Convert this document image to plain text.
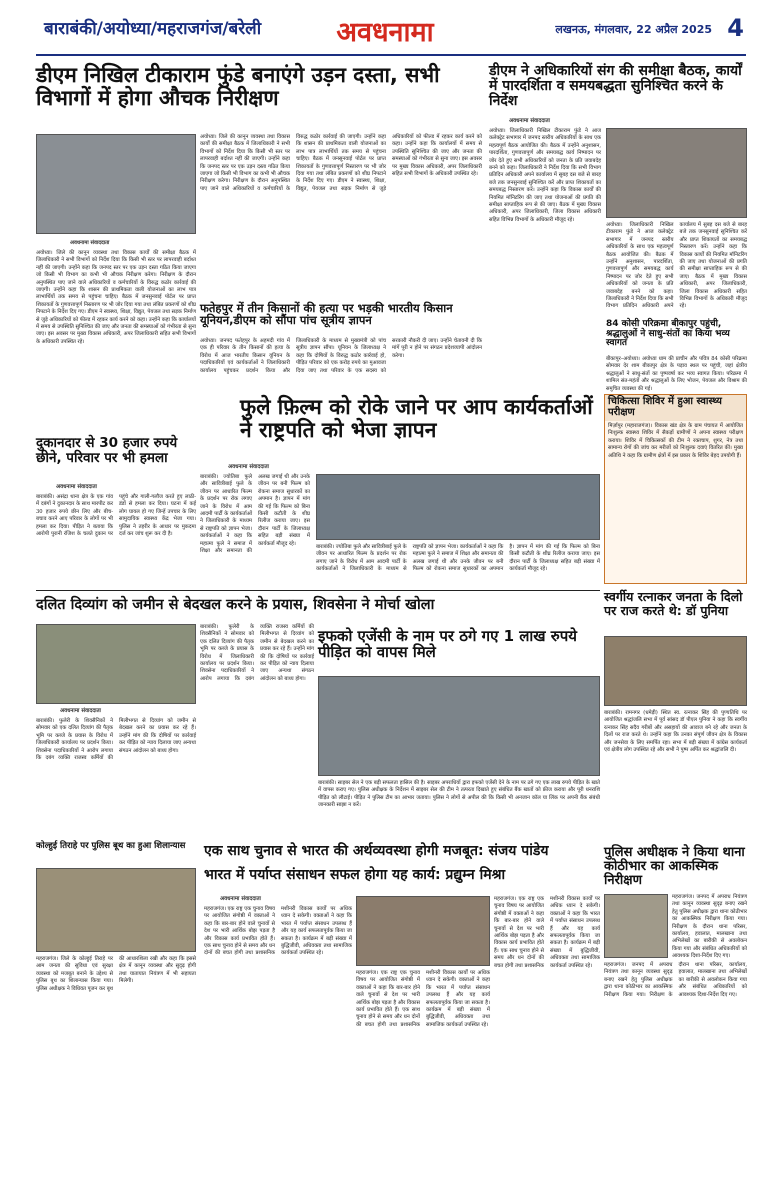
बाराबंकी/अयोध्या/महराजगंज/बरेली	अवधनामा	लखनऊ, मंगलवार, 22 अप्रैल 2025 4
डीएम निखिल टीकाराम फुंडे बनाएंगे उड़न दस्ता, सभी विभागों में होगा औचक निरीक्षण
अवधनामा संवाददाता
अयोध्या। जिले की कानून व्यवस्था तथा विकास कार्यों की समीक्षा बैठक में जिलाधिकारी ने सभी विभागों को निर्देश दिया कि किसी भी स्तर पर लापरवाही बर्दाश्त नहीं की जाएगी। उन्होंने कहा कि जनपद स्तर पर एक उड़न दस्ता गठित किया जाएगा जो किसी भी विभाग का कभी भी औचक निरीक्षण करेगा। निरीक्षण के दौरान अनुपस्थित पाए जाने वाले अधिकारियों व कर्मचारियों के विरुद्ध कठोर कार्रवाई की जाएगी। उन्होंने कहा कि शासन की प्राथमिकता वाली योजनाओं का लाभ पात्र लाभार्थियों तक समय से पहुंचना चाहिए। बैठक में जनसुनवाई पोर्टल पर प्राप्त शिकायतों के गुणवत्तापूर्ण निस्तारण पर भी जोर दिया गया तथा लंबित प्रकरणों को शीघ्र निपटाने के निर्देश दिए गए। डीएम ने स्वास्थ्य, शिक्षा, विद्युत, पेयजल तथा सड़क निर्माण से जुड़े अधिकारियों को फील्ड में रहकर कार्य करने को कहा। उन्होंने कहा कि कार्यालयों में समय से उपस्थिति सुनिश्चित की जाए और जनता की समस्याओं को गंभीरता से सुना जाए। इस अवसर पर मुख्य विकास अधिकारी, अपर जिलाधिकारी सहित सभी विभागों के अधिकारी उपस्थित रहे।
अयोध्या। जिले की कानून व्यवस्था तथा विकास कार्यों की समीक्षा बैठक में जिलाधिकारी ने सभी विभागों को निर्देश दिया कि किसी भी स्तर पर लापरवाही बर्दाश्त नहीं की जाएगी। उन्होंने कहा कि जनपद स्तर पर एक उड़न दस्ता गठित किया जाएगा जो किसी भी विभाग का कभी भी औचक निरीक्षण करेगा। निरीक्षण के दौरान अनुपस्थित पाए जाने वाले अधिकारियों व कर्मचारियों के विरुद्ध कठोर कार्रवाई की जाएगी। उन्होंने कहा कि शासन की प्राथमिकता वाली योजनाओं का लाभ पात्र लाभार्थियों तक समय से पहुंचना चाहिए। बैठक में जनसुनवाई पोर्टल पर प्राप्त शिकायतों के गुणवत्तापूर्ण निस्तारण पर भी जोर दिया गया तथा लंबित प्रकरणों को शीघ्र निपटाने के निर्देश दिए गए। डीएम ने स्वास्थ्य, शिक्षा, विद्युत, पेयजल तथा सड़क निर्माण से जुड़े अधिकारियों को फील्ड में रहकर कार्य करने को कहा। उन्होंने कहा कि कार्यालयों में समय से उपस्थिति सुनिश्चित की जाए और जनता की समस्याओं को गंभीरता से सुना जाए। इस अवसर पर मुख्य विकास अधिकारी, अपर जिलाधिकारी सहित सभी विभागों के अधिकारी उपस्थित रहे।
फतेहपुर में तीन किसानों की हत्या पर भड़की भारतीय किसान यूनियन,डीएम को सौंपा पांच सूत्रीय ज्ञापन
अयोध्या। जनपद फतेहपुर के अहमदी गांव में एक ही परिवार के तीन किसानों की हत्या के विरोध में आज भारतीय किसान यूनियन के पदाधिकारियों एवं कार्यकर्ताओं ने जिलाधिकारी कार्यालय पहुंचकर प्रदर्शन किया और जिलाधिकारी के माध्यम से मुख्यमंत्री को पांच सूत्रीय ज्ञापन सौंपा। यूनियन के जिलाध्यक्ष ने कहा कि दोषियों के विरुद्ध कठोर कार्रवाई हो, पीड़ित परिवार को एक करोड़ रुपये का मुआवजा दिया जाए तथा परिवार के एक सदस्य को सरकारी नौकरी दी जाए। उन्होंने चेतावनी दी कि मांगें पूरी न होने पर संगठन प्रदेशव्यापी आंदोलन करेगा।
डीएम ने अधिकारियों संग की समीक्षा बैठक, कार्यों में पारदर्शिता व समयबद्धता सुनिश्चित करने के निर्देश
अवधनामा संवाददाता
अयोध्या। जिलाधिकारी निखिल टीकाराम फुंडे ने आज कलेक्ट्रेट सभागार में जनपद स्तरीय अधिकारियों के साथ एक महत्वपूर्ण बैठक आयोजित की। बैठक में उन्होंने अनुशासन, पारदर्शिता, गुणवत्तापूर्ण और समयबद्ध कार्य निष्पादन पर जोर देते हुए सभी अधिकारियों को जनता के प्रति जवाबदेह बनने को कहा। जिलाधिकारी ने निर्देश दिया कि सभी विभाग प्रतिदिन अधिकारी अपने कार्यालय में सुबह दस बजे से बारह बजे तक जनसुनवाई सुनिश्चित करें और प्राप्त शिकायतों का समयबद्ध निस्तारण करें। उन्होंने कहा कि विकास कार्यों की नियमित मॉनिटरिंग की जाए तथा योजनाओं की प्रगति की समीक्षा साप्ताहिक रूप से की जाए। बैठक में मुख्य विकास अधिकारी, अपर जिलाधिकारी, जिला विकास अधिकारी सहित विभिन्न विभागों के अधिकारी मौजूद रहे।
अयोध्या। जिलाधिकारी निखिल टीकाराम फुंडे ने आज कलेक्ट्रेट सभागार में जनपद स्तरीय अधिकारियों के साथ एक महत्वपूर्ण बैठक आयोजित की। बैठक में उन्होंने अनुशासन, पारदर्शिता, गुणवत्तापूर्ण और समयबद्ध कार्य निष्पादन पर जोर देते हुए सभी अधिकारियों को जनता के प्रति जवाबदेह बनने को कहा। जिलाधिकारी ने निर्देश दिया कि सभी विभाग प्रतिदिन अधिकारी अपने कार्यालय में सुबह दस बजे से बारह बजे तक जनसुनवाई सुनिश्चित करें और प्राप्त शिकायतों का समयबद्ध निस्तारण करें। उन्होंने कहा कि विकास कार्यों की नियमित मॉनिटरिंग की जाए तथा योजनाओं की प्रगति की समीक्षा साप्ताहिक रूप से की जाए। बैठक में मुख्य विकास अधिकारी, अपर जिलाधिकारी, जिला विकास अधिकारी सहित विभिन्न विभागों के अधिकारी मौजूद रहे।
84 कोसी परिक्रमा बीकापुर पहुंची, श्रद्धालुओं ने साधु-संतों का किया भव्य स्वागत
बीकापुर–अयोध्या। अयोध्या धाम की प्राचीन और पवित्र 84 कोसी परिक्रमा सोमवार देर शाम बीकापुर क्षेत्र के पड़ाव स्थल पर पहुंची, जहां क्षेत्रीय श्रद्धालुओं ने साधु-संतों का पुष्पवर्षा कर भव्य स्वागत किया। परिक्रमा में शामिल संत-महंतों और श्रद्धालुओं के लिए भोजन, पेयजल और विश्राम की समुचित व्यवस्था की गई।
दुकानदार से 30 हजार रुपये छीने, परिवार पर भी हमला
अवधनामा संवाददाता
बाराबंकी। असंद्रा थाना क्षेत्र के एक गांव में दबंगों ने दुकानदार के साथ मारपीट कर 30 हजार रुपये छीन लिए और बीच-बचाव करने आए परिवार के लोगों पर भी हमला कर दिया। पीड़ित ने बताया कि आरोपी पुरानी रंजिश के चलते दुकान पर पहुंचे और गाली-गलौज करते हुए लाठी-डंडों से हमला कर दिया। घटना में कई लोग घायल हो गए जिन्हें उपचार के लिए सामुदायिक स्वास्थ्य केंद्र भेजा गया। पुलिस ने तहरीर के आधार पर मुकदमा दर्ज कर जांच शुरू कर दी है।
फुले फ़िल्म को रोके जाने पर आप कार्यकर्ताओं ने राष्ट्रपति को भेजा ज्ञापन
अवधनामा संवाददाता
बाराबंकी। ज्योतिबा फुले और सावित्रीबाई फुले के जीवन पर आधारित फिल्म के प्रदर्शन पर रोक लगाए जाने के विरोध में आम आदमी पार्टी के कार्यकर्ताओं ने जिलाधिकारी के माध्यम से राष्ट्रपति को ज्ञापन भेजा। कार्यकर्ताओं ने कहा कि महात्मा फुले ने समाज में शिक्षा और समानता की अलख जगाई थी और उनके जीवन पर बनी फिल्म को रोकना समाज सुधारकों का अपमान है। ज्ञापन में मांग की गई कि फिल्म को बिना किसी कटौती के शीघ्र रिलीज कराया जाए। इस दौरान पार्टी के जिलाध्यक्ष सहित बड़ी संख्या में कार्यकर्ता मौजूद रहे।
बाराबंकी। ज्योतिबा फुले और सावित्रीबाई फुले के जीवन पर आधारित फिल्म के प्रदर्शन पर रोक लगाए जाने के विरोध में आम आदमी पार्टी के कार्यकर्ताओं ने जिलाधिकारी के माध्यम से राष्ट्रपति को ज्ञापन भेजा। कार्यकर्ताओं ने कहा कि महात्मा फुले ने समाज में शिक्षा और समानता की अलख जगाई थी और उनके जीवन पर बनी फिल्म को रोकना समाज सुधारकों का अपमान है। ज्ञापन में मांग की गई कि फिल्म को बिना किसी कटौती के शीघ्र रिलीज कराया जाए। इस दौरान पार्टी के जिलाध्यक्ष सहित बड़ी संख्या में कार्यकर्ता मौजूद रहे।
चिकित्सा शिविर में हुआ स्वास्थ्य परीक्षण
मिर्ज़ापुर (महाराजगंज)। विकास खंड क्षेत्र के ग्राम पंचायत में आयोजित निःशुल्क स्वास्थ्य शिविर में सैकड़ों ग्रामीणों ने अपना स्वास्थ्य परीक्षण कराया। शिविर में चिकित्सकों की टीम ने रक्तचाप, शुगर, नेत्र तथा सामान्य रोगों की जांच कर मरीजों को निःशुल्क दवाएं वितरित कीं। मुख्य अतिथि ने कहा कि ग्रामीण क्षेत्रों में इस प्रकार के शिविर बेहद उपयोगी हैं।
स्वर्गीय रत्नाकर जनता के दिलो पर राज करते थे: डॉ पुनिया
बाराबंकी। रामनगर (धमेड़ी) स्थित स्व. रत्नाकर सिंह की पुण्यतिथि पर आयोजित श्रद्धांजलि सभा में पूर्व सांसद डॉ पीएल पुनिया ने कहा कि स्वर्गीय रत्नाकर सिंह सदैव गरीबों और असहायों की आवाज बने रहे और जनता के दिलों पर राज करते थे। उन्होंने कहा कि उनका संपूर्ण जीवन क्षेत्र के विकास और जनसेवा के लिए समर्पित रहा। सभा में बड़ी संख्या में कांग्रेस कार्यकर्ता एवं क्षेत्रीय लोग उपस्थित रहे और सभी ने पुष्प अर्पित कर श्रद्धांजलि दी।
दलित दिव्यांग को जमीन से बेदखल करने के प्रयास, शिवसेना ने मोर्चा खोला
अवधनामा संवाददाता
बाराबंकी। फुलेरी के शिवसैनिकों ने सोमवार को एक दलित दिव्यांग की पैतृक भूमि पर कब्जे के प्रयास के विरोध में जिलाधिकारी कार्यालय पर प्रदर्शन किया। शिवसेना पदाधिकारियों ने आरोप लगाया कि दबंग व्यक्ति राजस्व कर्मियों की मिलीभगत से दिव्यांग को जमीन से बेदखल करने का प्रयास कर रहे हैं। उन्होंने मांग की कि दोषियों पर कार्रवाई कर पीड़ित को न्याय दिलाया जाए अन्यथा संगठन आंदोलन को बाध्य होगा।
बाराबंकी। फुलेरी के शिवसैनिकों ने सोमवार को एक दलित दिव्यांग की पैतृक भूमि पर कब्जे के प्रयास के विरोध में जिलाधिकारी कार्यालय पर प्रदर्शन किया। शिवसेना पदाधिकारियों ने आरोप लगाया कि दबंग व्यक्ति राजस्व कर्मियों की मिलीभगत से दिव्यांग को जमीन से बेदखल करने का प्रयास कर रहे हैं। उन्होंने मांग की कि दोषियों पर कार्रवाई कर पीड़ित को न्याय दिलाया जाए अन्यथा संगठन आंदोलन को बाध्य होगा।
इफको एजेंसी के नाम पर ठगे गए 1 लाख रुपये पीड़ित को वापस मिले
बाराबंकी। साइबर सेल ने एक बड़ी सफलता हासिल की है। साइबर अपराधियों द्वारा इफको एजेंसी देने के नाम पर ठगे गए एक लाख रुपये पीड़ित के खाते में वापस कराए गए। पुलिस अधीक्षक के निर्देशन में साइबर सेल की टीम ने तत्परता दिखाते हुए संबंधित बैंक खातों को फ्रीज कराया और पूरी धनराशि पीड़ित को लौटाई। पीड़ित ने पुलिस टीम का आभार जताया। पुलिस ने लोगों से अपील की कि किसी भी अनजान कॉल या लिंक पर अपनी बैंक संबंधी जानकारी साझा न करें।
कोल्हुई तिराहे पर पुलिस बूथ का हुआ शिलान्यास
महराजगंज। जिले के कोल्हुई तिराहे पर आम जनता की सुविधा एवं सुरक्षा व्यवस्था को मजबूत बनाने के उद्देश्य से पुलिस बूथ का शिलान्यास किया गया। पुलिस अधीक्षक ने विधिवत पूजन कर बूथ की आधारशिला रखी और कहा कि इससे क्षेत्र में कानून व्यवस्था और सुदृढ़ होगी तथा यातायात नियंत्रण में भी सहायता मिलेगी।
एक साथ चुनाव से भारत की अर्थव्यवस्था होगी मजबूत: संजय पांडेय
भारत में पर्याप्त संसाधन सफल होगा यह कार्य: प्रद्युम्न मिश्रा
अवधनामा संवाददाता
महराजगंज। एक राष्ट्र एक चुनाव विषय पर आयोजित संगोष्ठी में वक्ताओं ने कहा कि बार-बार होने वाले चुनावों से देश पर भारी आर्थिक बोझ पड़ता है और विकास कार्य प्रभावित होते हैं। एक साथ चुनाव होने से समय और धन दोनों की बचत होगी तथा प्रशासनिक मशीनरी विकास कार्यों पर अधिक ध्यान दे सकेगी। वक्ताओं ने कहा कि भारत में पर्याप्त संसाधन उपलब्ध हैं और यह कार्य सफलतापूर्वक किया जा सकता है। कार्यक्रम में बड़ी संख्या में बुद्धिजीवी, अधिवक्ता तथा सामाजिक कार्यकर्ता उपस्थित रहे।
महराजगंज। एक राष्ट्र एक चुनाव विषय पर आयोजित संगोष्ठी में वक्ताओं ने कहा कि बार-बार होने वाले चुनावों से देश पर भारी आर्थिक बोझ पड़ता है और विकास कार्य प्रभावित होते हैं। एक साथ चुनाव होने से समय और धन दोनों की बचत होगी तथा प्रशासनिक मशीनरी विकास कार्यों पर अधिक ध्यान दे सकेगी। वक्ताओं ने कहा कि भारत में पर्याप्त संसाधन उपलब्ध हैं और यह कार्य सफलतापूर्वक किया जा सकता है। कार्यक्रम में बड़ी संख्या में बुद्धिजीवी, अधिवक्ता तथा सामाजिक कार्यकर्ता उपस्थित रहे।
महराजगंज। एक राष्ट्र एक चुनाव विषय पर आयोजित संगोष्ठी में वक्ताओं ने कहा कि बार-बार होने वाले चुनावों से देश पर भारी आर्थिक बोझ पड़ता है और विकास कार्य प्रभावित होते हैं। एक साथ चुनाव होने से समय और धन दोनों की बचत होगी तथा प्रशासनिक मशीनरी विकास कार्यों पर अधिक ध्यान दे सकेगी। वक्ताओं ने कहा कि भारत में पर्याप्त संसाधन उपलब्ध हैं और यह कार्य सफलतापूर्वक किया जा सकता है। कार्यक्रम में बड़ी संख्या में बुद्धिजीवी, अधिवक्ता तथा सामाजिक कार्यकर्ता उपस्थित रहे।
पुलिस अधीक्षक ने किया थाना कोठीभार का आकस्मिक निरीक्षण
महराजगंज। जनपद में अपराध नियंत्रण तथा कानून व्यवस्था सुदृढ़ बनाए रखने हेतु पुलिस अधीक्षक द्वारा थाना कोठीभार का आकस्मिक निरीक्षण किया गया। निरीक्षण के दौरान थाना परिसर, कार्यालय, हवालात, मालखाना तथा अभिलेखों का बारीकी से अवलोकन किया गया और संबंधित अधिकारियों को आवश्यक दिशा-निर्देश दिए गए।
महराजगंज। जनपद में अपराध नियंत्रण तथा कानून व्यवस्था सुदृढ़ बनाए रखने हेतु पुलिस अधीक्षक द्वारा थाना कोठीभार का आकस्मिक निरीक्षण किया गया। निरीक्षण के दौरान थाना परिसर, कार्यालय, हवालात, मालखाना तथा अभिलेखों का बारीकी से अवलोकन किया गया और संबंधित अधिकारियों को आवश्यक दिशा-निर्देश दिए गए।
